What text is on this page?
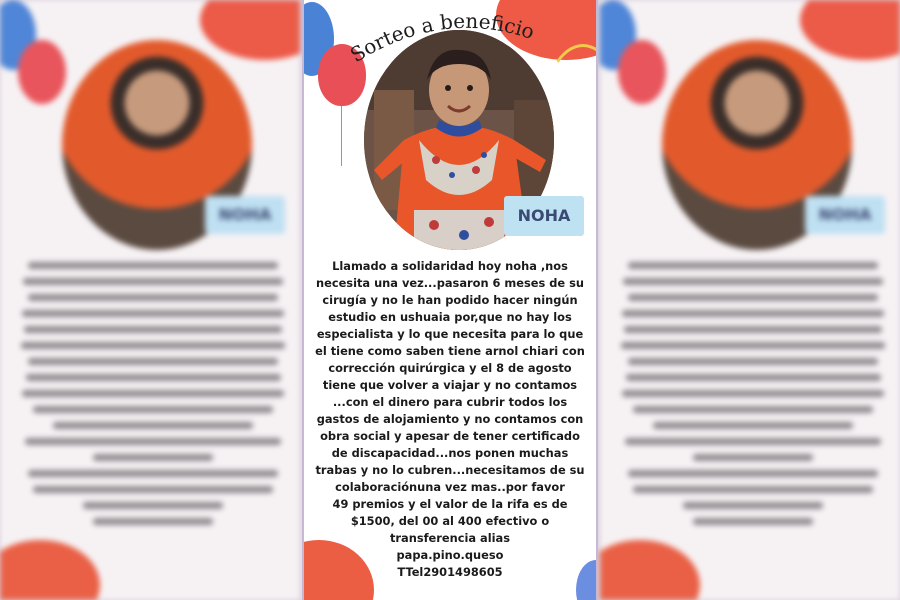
NOHA	NOHA
Sorteo a beneficio
NOHA

Llamado a solidaridad hoy noha ,nos necesita una vez...pasaron 6 meses de su cirugía y no le han podido hacer ningún estudio en ushuaia por,que no hay los especialista y lo que necesita para lo que el tiene como saben tiene arnol chiari con corrección quirúrgica y el 8 de agosto tiene que volver a viajar y no contamos ...con el dinero para cubrir todos los gastos de alojamiento y no contamos con obra social y apesar de tener certificado de discapacidad...nos ponen muchas trabas y no lo cubren...necesitamos de su colaboraciónuna vez mas..por favor

49 premios y el valor de la rifa es de $1500, del 00 al 400 efectivo o transferencia alias

papa.pino.queso

TTel2901498605
